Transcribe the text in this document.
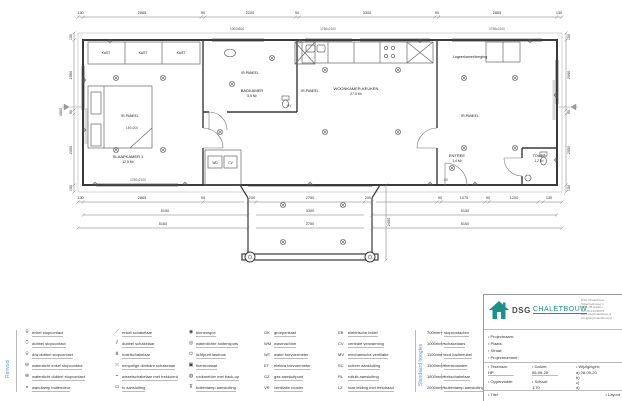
130	2865	90	2200	90	3300	90	2865	130
150
2060
90
2050
150
4500
150
2060
90
2050
150
130	2865	90	200	2750	200	90	1075	90	1200	130
5150	3300	5150
5160	2750	5160
2490
KAST	KAST	KAST
IR-PANEEL
140x200
SLAAPKAMER 1
12,5 M²
IR-PANEEL
BADKAMER
5,5 M²
IR-PANEEL	WOONKAMER-KEUKEN
27,5 M²
Logeerkamer/berging
IR-PANEEL
ENTREE
1,4 M²
TOILET
1,2 M²
WD	CV
MV
GK
1000x600	1750x2100	1750x2100
1750x2100
Renvooi
⌾ enkel stopcontact
⍥ dubbel stopcontact
⍟ d/w dubbel stopcontact
⊖ waterdicht enkel stopcontact
⊜ waterdicht dubbel stopcontact
◒ wandlamp buitendeur
⟋ enkel schakelaar
⫽ dubbel schakelaar
⋔ hotelschakelaar
⤬ eenpolige dimbare schakelaar
⌁ wisselschakelaar met trekkoord
▭ tv aansluiting
◉ binnenspot
◎ waterdichte buitenspots
⊙ lichtpunt lasdoos
▣ thermostaat
◍ rookmelder met back-up
⊼ buitenlamp aansluiting
GK	groepenkast
WM wasmachine
WT water toevoermeter
ET	elektra toevoermeter
GZ	gas aansluitpunt
VR	ventilatie rooster
EB	elektrische boiler
CV	centrale verwarming
MV	mechanische ventilatie
SC	scheer aansluiting
RL	rolluik aansluiting
LZ	loze leiding met trekdraad
Standaard hoogtes
700mm+ stopcontacten
1000mm+ schakelaars
1100mm+ wcd badmeubel
1500mm+ thermostaten
1800mm+ trekschakelaar
2000mm+ buitenlamp aansluiting
DSG CHALETBOUW
DSG Chaletbouw
Nijverheidsweg 1
8051 AB Hattem
Tel. 06-12345678
www.dsgchaletbouw.nl
info@dsgchaletbouw.nl
• Projectnaam:
• Plaats:
• Straat:
• Projectnummer:
• Tekenaar:
HP
• Oppervlakte:
• Datum:
05-09-20
• Schaal:
1:70
• Wijzigingen:
a) 08-09-20
b)
c)
d)
• Titel	• Layout
